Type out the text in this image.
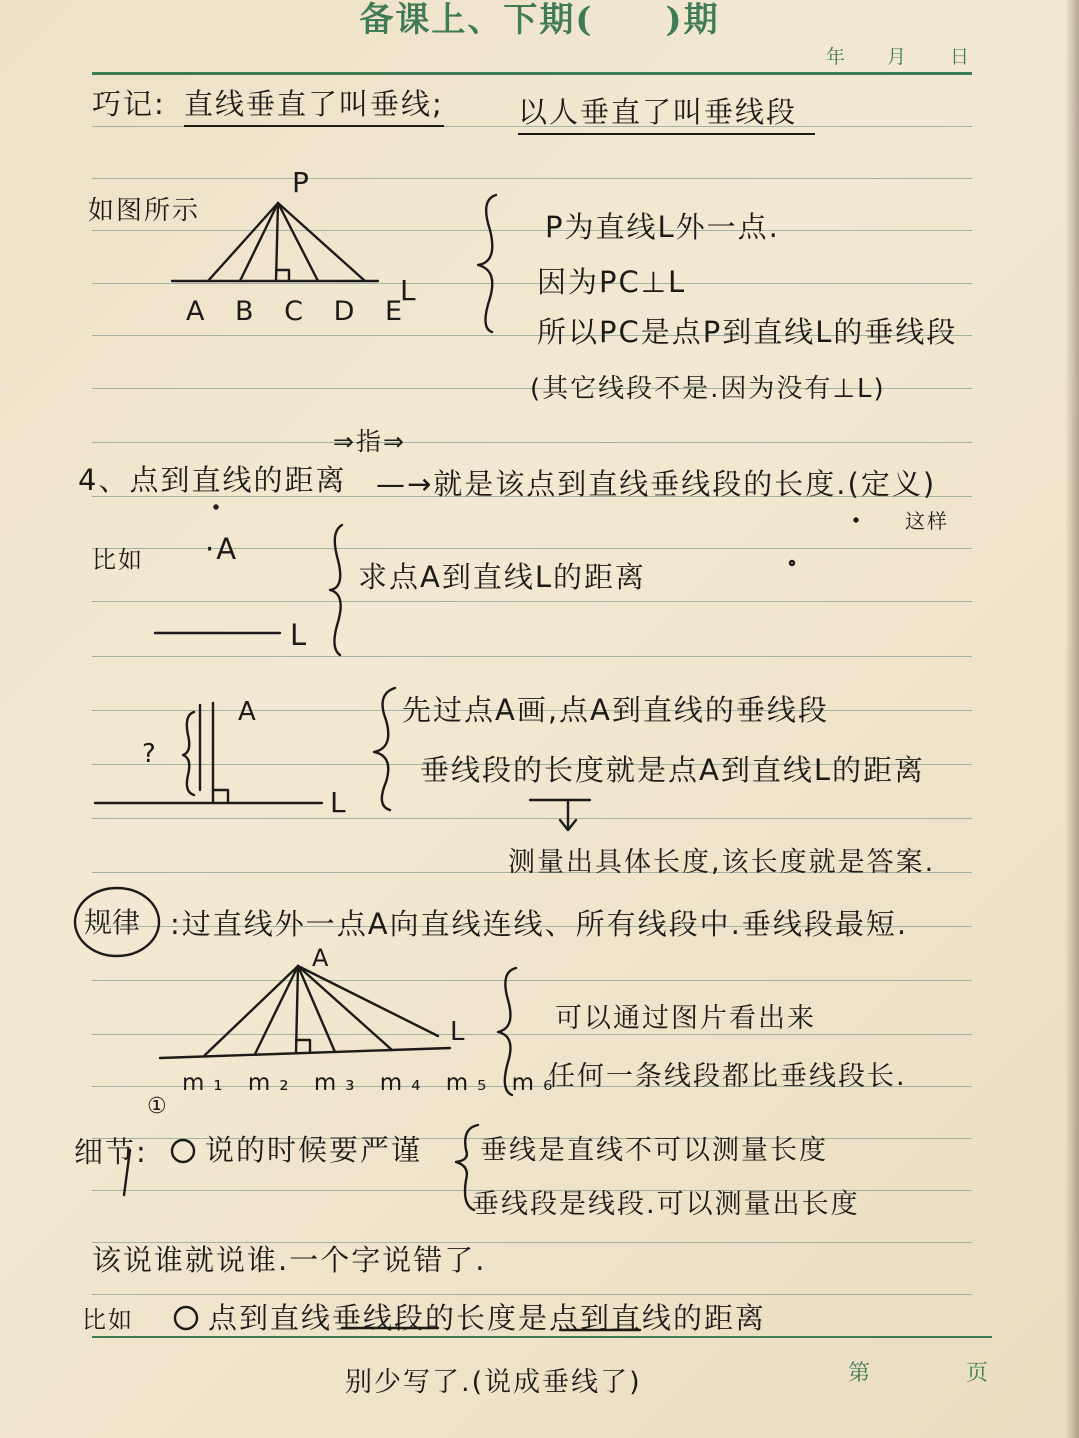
备课上、下期(　　)期
年 月 日
巧记: 直线垂直了叫垂线;	以人垂直了叫垂线段
如图所示	P为直线L外一点.
因为PC⊥L
所以PC是点P到直线L的垂线段
(其它线段不是.因为没有⊥L)
⇒指⇒
4、点到直线的距离 —→就是该点到直线垂线段的长度.(定义)
这样
比如 ·A
L
求点A到直线L的距离
先过点A画,点A到直线的垂线段
垂线段的长度就是点A到直线L的距离
测量出具体长度,该长度就是答案.
:过直线外一点A向直线连线、所有线段中.垂线段最短.
可以通过图片看出来
任何一条线段都比垂线段长.
细节:
①
说的时候要严谨 垂线是直线不可以测量长度
垂线段是线段.可以测量出长度
该说谁就说谁.一个字说错了.
比如	点到直线垂线段的长度是点到直线的距离
别少写了.(说成垂线了)	第	页
P
L
A B C D E
A
?
L
规律
A
L
m₁ m₂ m₃ m₄ m₅ m₆
